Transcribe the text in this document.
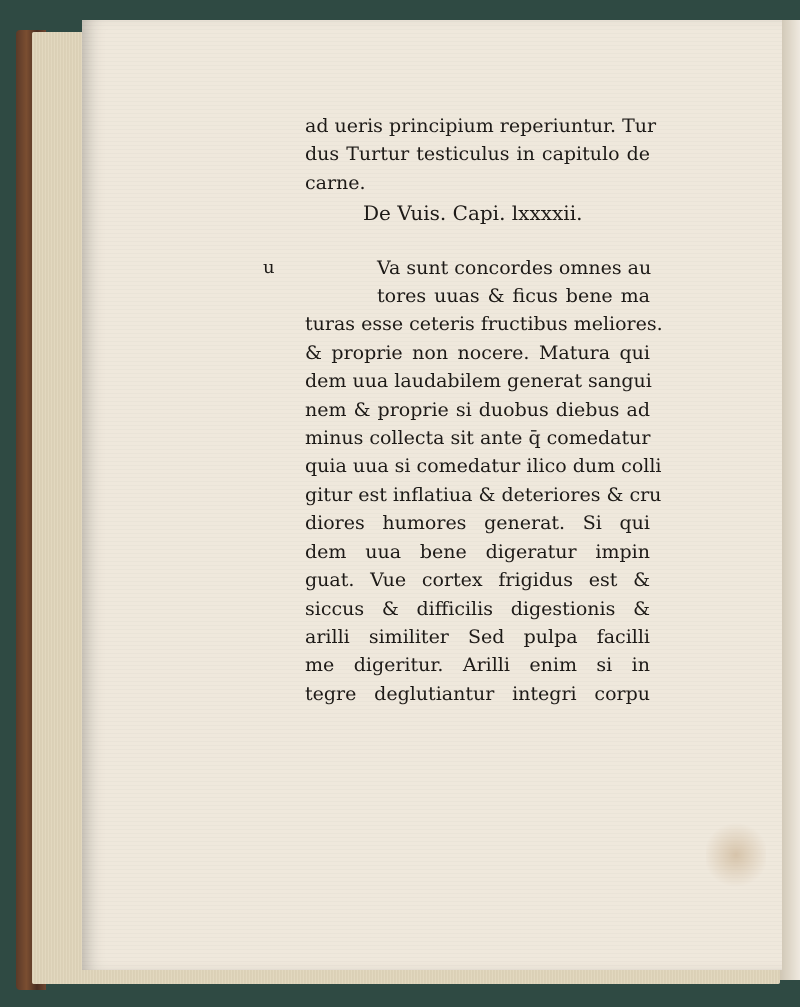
ad ueris principium reperiuntur. Tur
dus Turtur testiculus in capitulo de
carne.
De Vuis. Capi. lxxxxii.
u	Va sunt concordes omnes au
tores uuas & ficus bene ma
turas esse ceteris fructibus meliores.
& proprie non nocere. Matura qui
dem uua laudabilem generat sangui
nem & proprie si duobus diebus ad
minus collecta sit ante q̄ comedatur
quia uua si comedatur ilico dum colli
gitur est inflatiua & deteriores & cru
diores humores generat. Si qui
dem uua bene digeratur impin
guat. Vue cortex frigidus est &
siccus & difficilis digestionis &
arilli similiter Sed pulpa facilli
me digeritur. Arilli enim si in
tegre deglutiantur integri corpu
